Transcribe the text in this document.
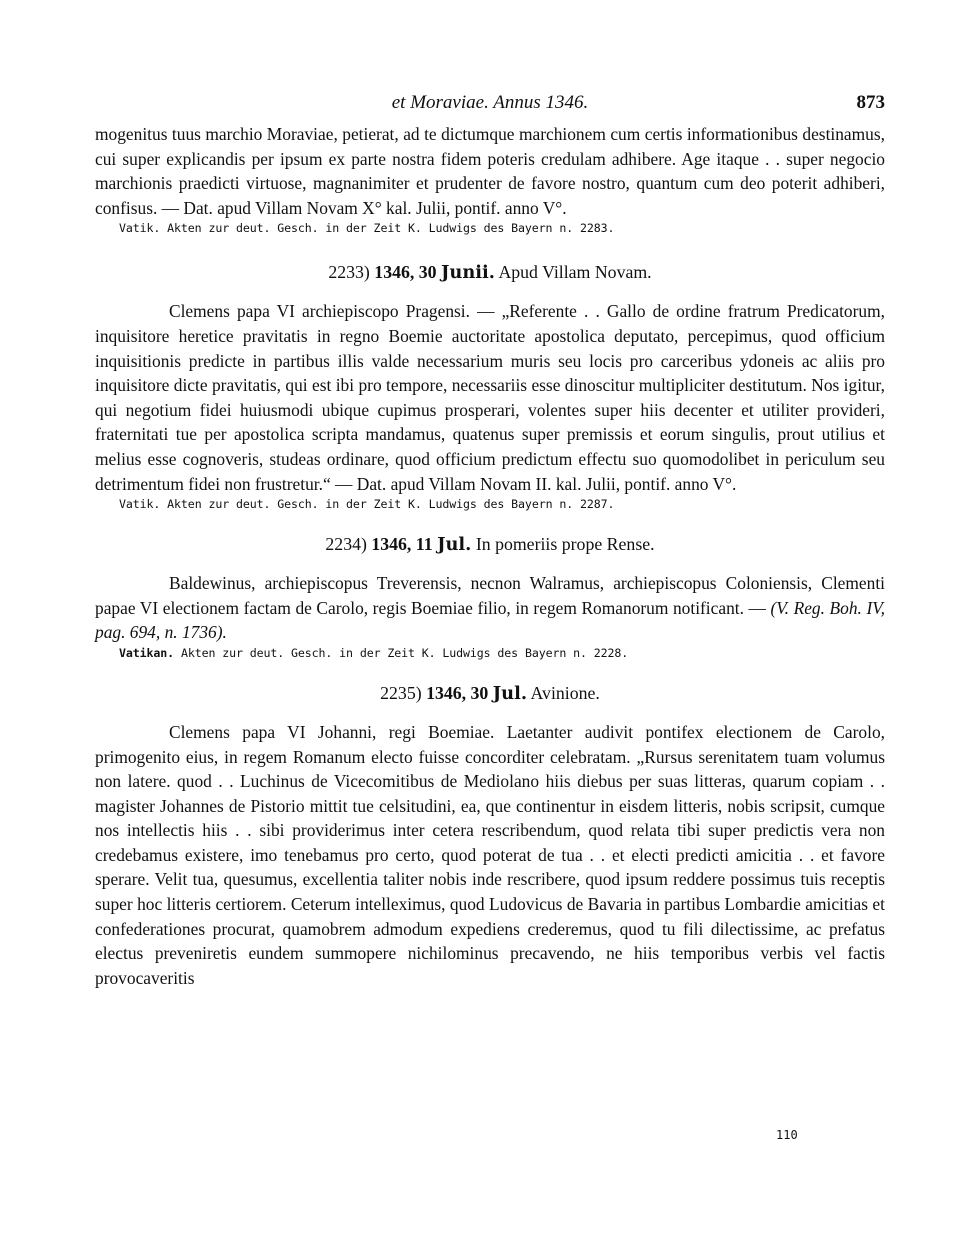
et Moraviae. Annus 1346.	873

mogenitus tuus marchio Moraviae, petierat, ad te dictumque marchionem cum certis informationibus destinamus, cui super explicandis per ipsum ex parte nostra fidem poteris credulam adhibere. Age itaque . . super negocio marchionis praedicti virtuose, magnanimiter et prudenter de favore nostro, quantum cum deo poterit adhiberi, confisus. — Dat. apud Villam Novam X° kal. Julii, pontif. anno V°.

Vatik. Akten zur deut. Gesch. in der Zeit K. Ludwigs des Bayern n. 2283.
2233) 1346, 30 Junii. Apud Villam Novam.

Clemens papa VI archiepiscopo Pragensi. — „Referente . . Gallo de ordine fratrum Predicatorum, inquisitore heretice pravitatis in regno Boemie auctoritate apostolica deputato, percepimus, quod officium inquisitionis predicte in partibus illis valde necessarium muris seu locis pro carceribus ydoneis ac aliis pro inquisitore dicte pravitatis, qui est ibi pro tempore, necessariis esse dinoscitur multipliciter destitutum. Nos igitur, qui negotium fidei huiusmodi ubique cupimus prosperari, volentes super hiis decenter et utiliter provideri, fraternitati tue per apostolica scripta mandamus, quatenus super premissis et eorum singulis, prout utilius et melius esse cognoveris, studeas ordinare, quod officium predictum effectu suo quomodolibet in periculum seu detrimentum fidei non frustretur.“ — Dat. apud Villam Novam II. kal. Julii, pontif. anno V°.

Vatik. Akten zur deut. Gesch. in der Zeit K. Ludwigs des Bayern n. 2287.
2234) 1346, 11 Jul. In pomeriis prope Rense.

Baldewinus, archiepiscopus Treverensis, necnon Walramus, archiepiscopus Coloniensis, Clementi papae VI electionem factam de Carolo, regis Boemiae filio, in regem Romanorum notificant. — (V. Reg. Boh. IV, pag. 694, n. 1736).

Vatikan. Akten zur deut. Gesch. in der Zeit K. Ludwigs des Bayern n. 2228.
2235) 1346, 30 Jul. Avinione.

Clemens papa VI Johanni, regi Boemiae. Laetanter audivit pontifex electionem de Carolo, primogenito eius, in regem Romanum electo fuisse concorditer celebratam. „Rursus serenitatem tuam volumus non latere. quod . . Luchinus de Vicecomitibus de Mediolano hiis diebus per suas litteras, quarum copiam . . magister Johannes de Pistorio mittit tue celsitudini, ea, que continentur in eisdem litteris, nobis scripsit, cumque nos intellectis hiis . . sibi providerimus inter cetera rescribendum, quod relata tibi super predictis vera non credebamus existere, imo tenebamus pro certo, quod poterat de tua . . et electi predicti amicitia . . et favore sperare. Velit tua, quesumus, excellentia taliter nobis inde rescribere, quod ipsum reddere possimus tuis receptis super hoc litteris certiorem. Ceterum intelleximus, quod Ludovicus de Bavaria in partibus Lombardie amicitias et confederationes procurat, quamobrem admodum expediens crederemus, quod tu fili dilectissime, ac prefatus electus preveniretis eundem summopere nichilominus precavendo, ne hiis temporibus verbis vel factis provocaveritis

110
